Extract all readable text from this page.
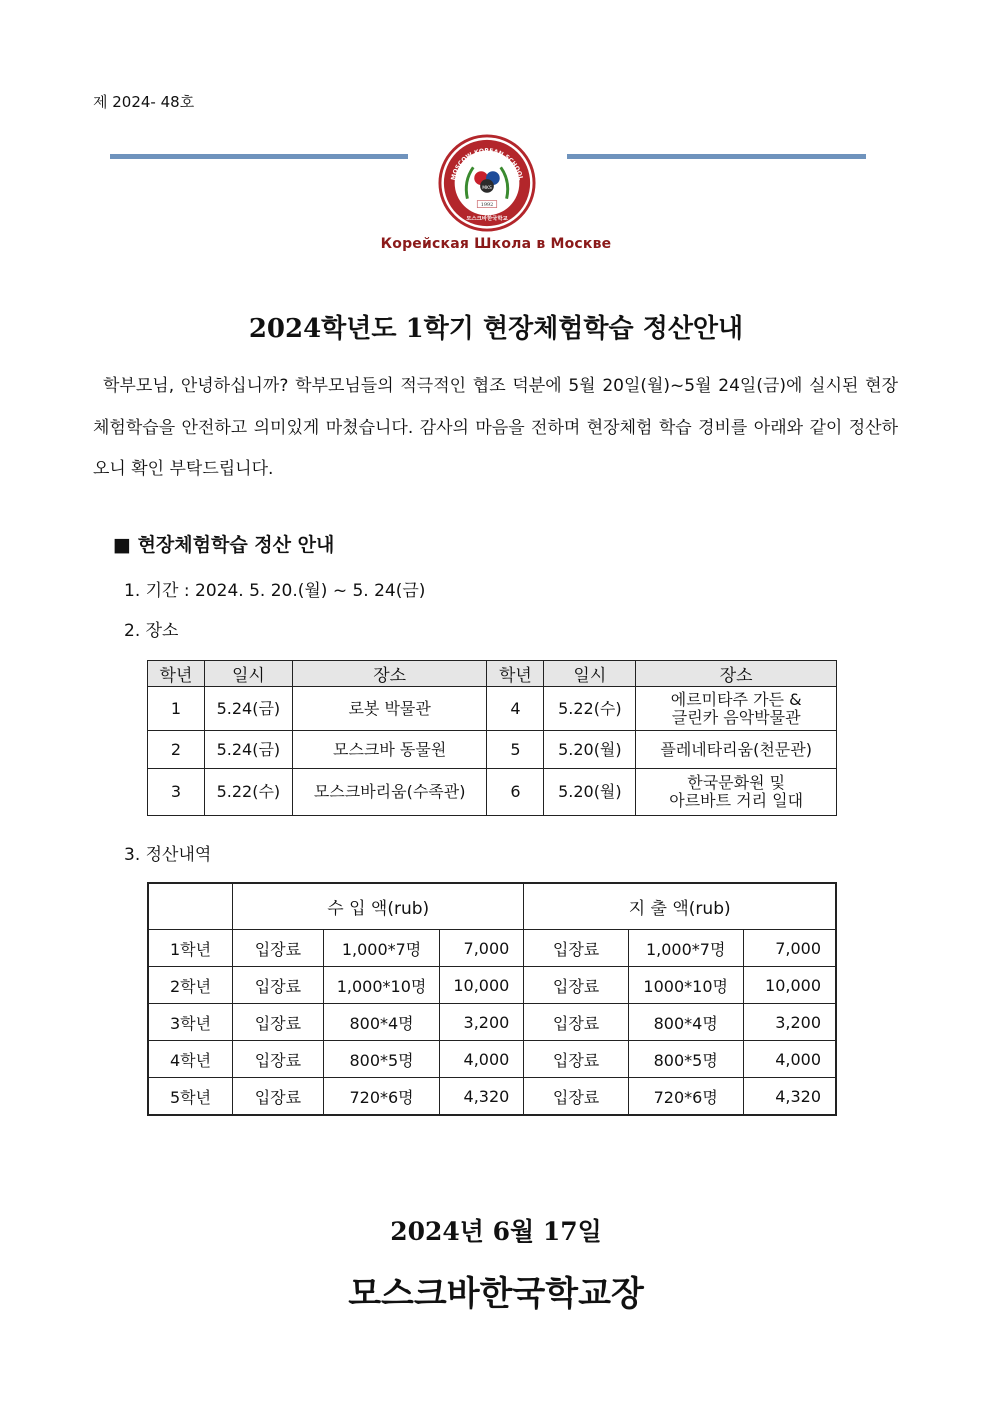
제 2024- 48호
MOSCOW KOREAN SCHOOL
MKS
1992
모스크바한국학교
Корейская Школа в Москве
2024학년도 1학기 현장체험학습 정산안내
학부모님, 안녕하십니까? 학부모님들의 적극적인 협조 덕분에 5월 20일(월)~5월 24일(금)에 실시된 현장체험학습을 안전하고 의미있게 마쳤습니다. 감사의 마음을 전하며 현장체험 학습 경비를 아래와 같이 정산하오니 확인 부탁드립니다.
■ 현장체험학습 정산 안내
1. 기간 : 2024. 5. 20.(월) ~ 5. 24(금)
2. 장소
학년	일시	장소	학년	일시	장소
1	5.24(금)	로봇 박물관	4	5.22(수)	에르미타주 가든 &
글린카 음악박물관

2	5.24(금)	모스크바 동물원	5	5.20(월)	플레네타리움(천문관)
3	5.22(수)	모스크바리움(수족관)	6	5.20(월)	한국문화원 및
아르바트 거리 일대
3. 정산내역
	수 입 액(rub)			지 출 액(rub)		
1학년	입장료	1,000*7명	7,000	입장료	1,000*7명	7,000
2학년	입장료	1,000*10명	10,000	입장료	1000*10명	10,000
3학년	입장료	800*4명	3,200	입장료	800*4명	3,200
4학년	입장료	800*5명	4,000	입장료	800*5명	4,000
5학년	입장료	720*6명	4,320	입장료	720*6명	4,320
2024년 6월 17일
모스크바한국학교장
